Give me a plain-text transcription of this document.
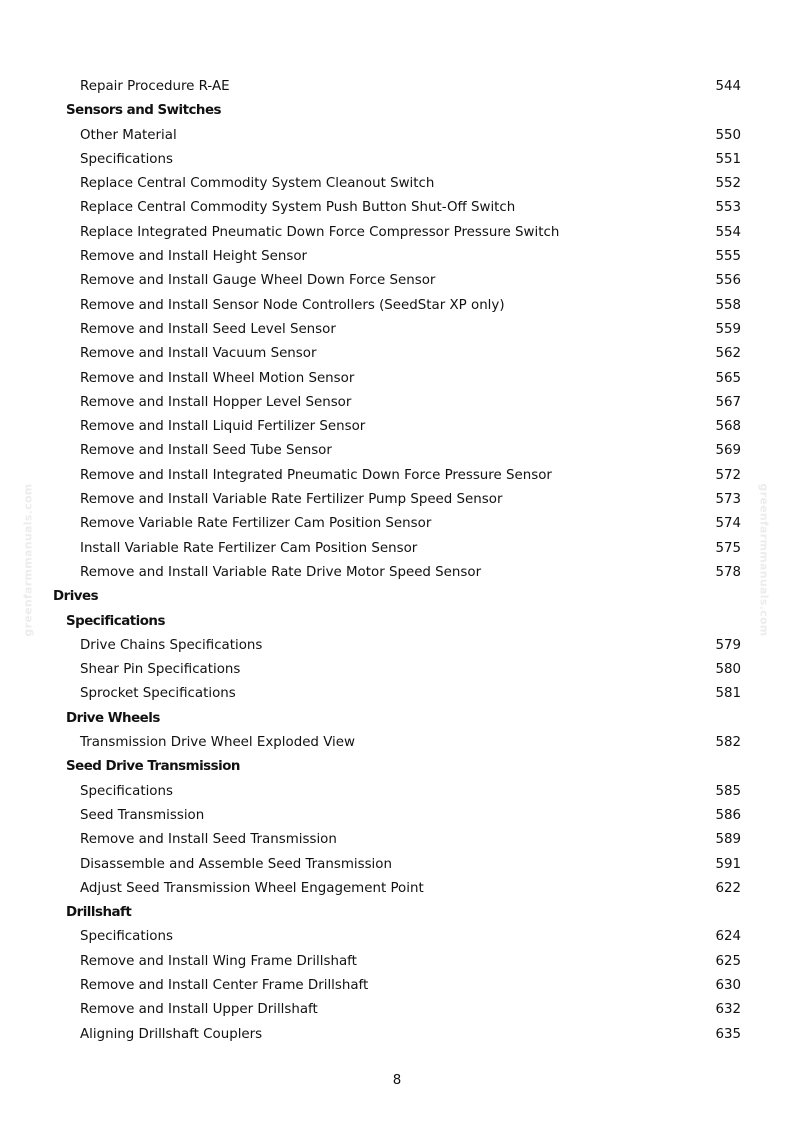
Repair Procedure R-AE	544
Sensors and Switches
Other Material	550
Specifications	551
Replace Central Commodity System Cleanout Switch	552
Replace Central Commodity System Push Button Shut-Off Switch	553
Replace Integrated Pneumatic Down Force Compressor Pressure Switch	554
Remove and Install Height Sensor	555
Remove and Install Gauge Wheel Down Force Sensor	556
Remove and Install Sensor Node Controllers (SeedStar XP only)	558
Remove and Install Seed Level Sensor	559
Remove and Install Vacuum Sensor	562
Remove and Install Wheel Motion Sensor	565
Remove and Install Hopper Level Sensor	567
Remove and Install Liquid Fertilizer Sensor	568
Remove and Install Seed Tube Sensor	569
Remove and Install Integrated Pneumatic Down Force Pressure Sensor	572
Remove and Install Variable Rate Fertilizer Pump Speed Sensor	573
Remove Variable Rate Fertilizer Cam Position Sensor	574
Install Variable Rate Fertilizer Cam Position Sensor	575
Remove and Install Variable Rate Drive Motor Speed Sensor	578
Drives
Specifications
Drive Chains Specifications	579
Shear Pin Specifications	580
Sprocket Specifications	581
Drive Wheels
Transmission Drive Wheel Exploded View	582
Seed Drive Transmission
Specifications	585
Seed Transmission	586
Remove and Install Seed Transmission	589
Disassemble and Assemble Seed Transmission	591
Adjust Seed Transmission Wheel Engagement Point	622
Drillshaft
Specifications	624
Remove and Install Wing Frame Drillshaft	625
Remove and Install Center Frame Drillshaft	630
Remove and Install Upper Drillshaft	632
Aligning Drillshaft Couplers	635
8
greenfarmmanuals.com	greenfarmmanuals.com
